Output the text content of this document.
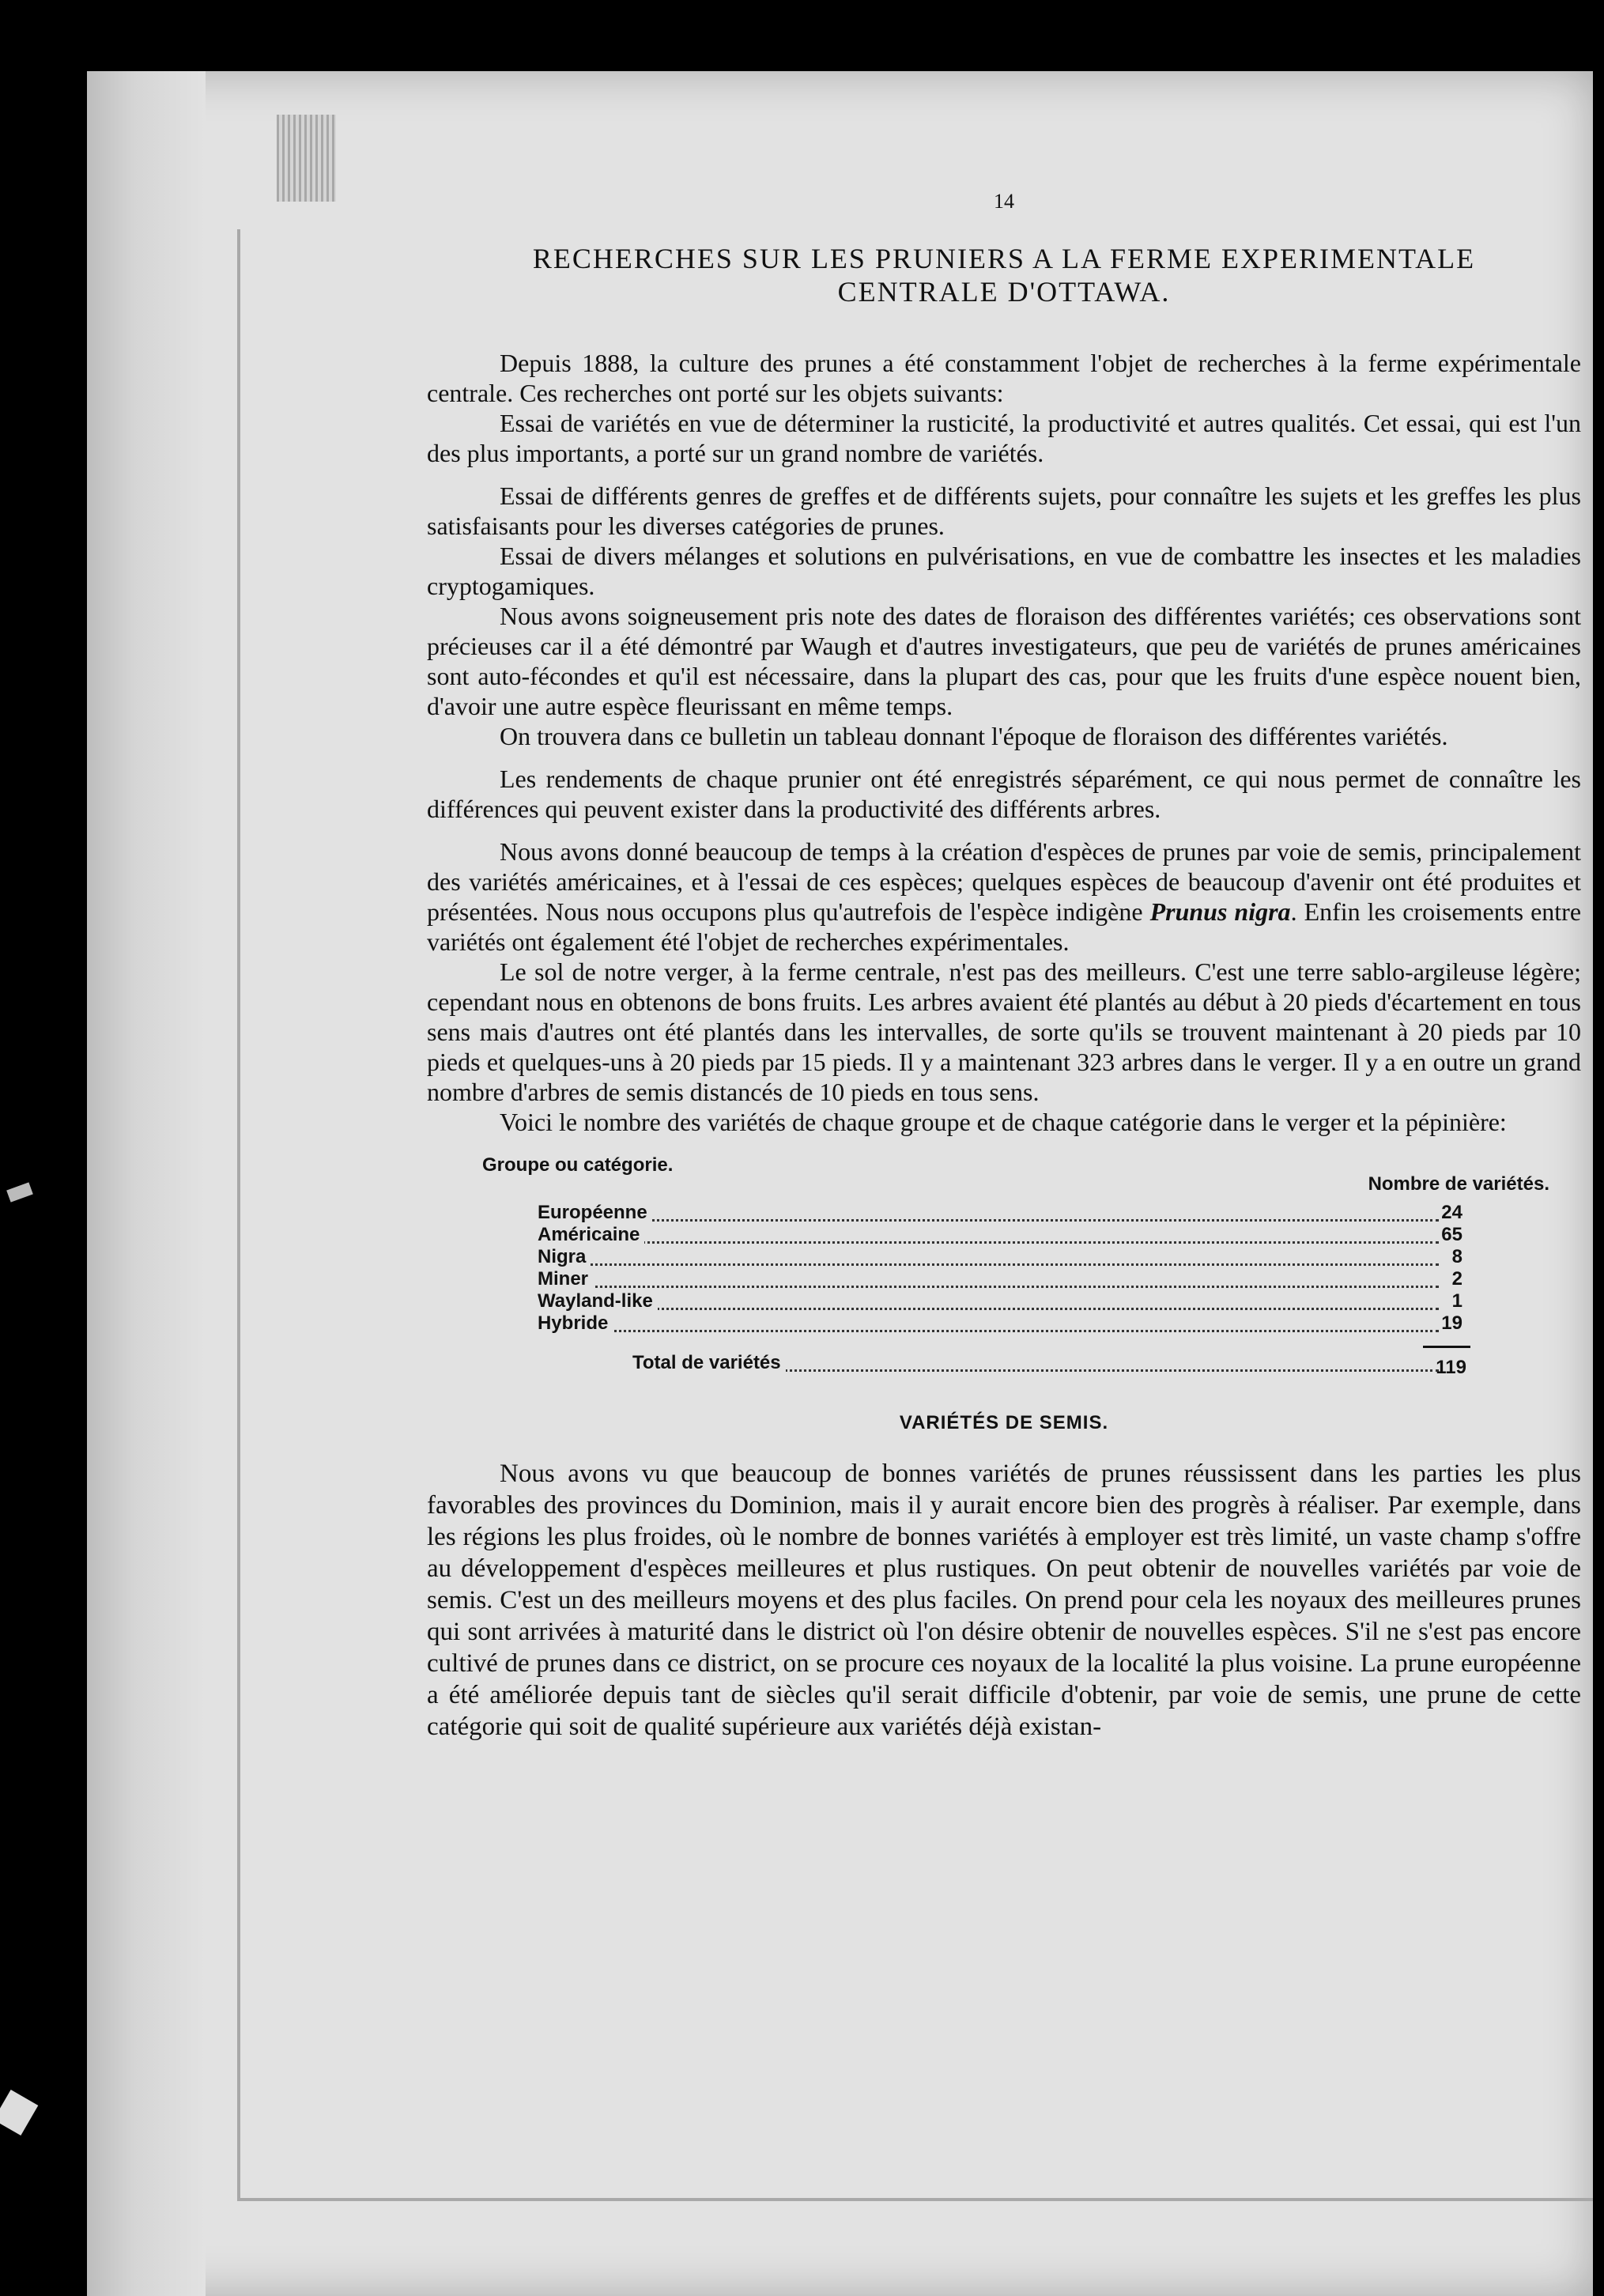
14
RECHERCHES SUR LES PRUNIERS A LA FERME EXPERIMENTALE
CENTRALE D'OTTAWA.

Depuis 1888, la culture des prunes a été constamment l'objet de recherches à la ferme expérimentale centrale. Ces recherches ont porté sur les objets suivants:

Essai de variétés en vue de déterminer la rusticité, la productivité et autres qualités. Cet essai, qui est l'un des plus importants, a porté sur un grand nombre de variétés.

Essai de différents genres de greffes et de différents sujets, pour connaître les sujets et les greffes les plus satisfaisants pour les diverses catégories de prunes.

Essai de divers mélanges et solutions en pulvérisations, en vue de combattre les insectes et les maladies cryptogamiques.

Nous avons soigneusement pris note des dates de floraison des différentes variétés; ces observations sont précieuses car il a été démontré par Waugh et d'autres investigateurs, que peu de variétés de prunes américaines sont auto-fécondes et qu'il est nécessaire, dans la plupart des cas, pour que les fruits d'une espèce nouent bien, d'avoir une autre espèce fleurissant en même temps.

On trouvera dans ce bulletin un tableau donnant l'époque de floraison des différentes variétés.

Les rendements de chaque prunier ont été enregistrés séparément, ce qui nous permet de connaître les différences qui peuvent exister dans la productivité des différents arbres.

Nous avons donné beaucoup de temps à la création d'espèces de prunes par voie de semis, principalement des variétés américaines, et à l'essai de ces espèces; quelques espèces de beaucoup d'avenir ont été produites et présentées. Nous nous occupons plus qu'autrefois de l'espèce indigène Prunus nigra. Enfin les croisements entre variétés ont également été l'objet de recherches expérimentales.

Le sol de notre verger, à la ferme centrale, n'est pas des meilleurs. C'est une terre sablo-argileuse légère; cependant nous en obtenons de bons fruits. Les arbres avaient été plantés au début à 20 pieds d'écartement en tous sens mais d'autres ont été plantés dans les intervalles, de sorte qu'ils se trouvent maintenant à 20 pieds par 10 pieds et quelques-uns à 20 pieds par 15 pieds. Il y a maintenant 323 arbres dans le verger. Il y a en outre un grand nombre d'arbres de semis distancés de 10 pieds en tous sens.

Voici le nombre des variétés de chaque groupe et de chaque catégorie dans le verger et la pépinière:

Groupe ou catégorie.
Nombre de variétés.
Européenne	24
Américaine	65
Nigra	8
Miner	2
Wayland-like	1
Hybride	19
Total de variétés	119
VARIÉTÉS DE SEMIS.

Nous avons vu que beaucoup de bonnes variétés de prunes réussissent dans les parties les plus favorables des provinces du Dominion, mais il y aurait encore bien des progrès à réaliser. Par exemple, dans les régions les plus froides, où le nombre de bonnes variétés à employer est très limité, un vaste champ s'offre au développement d'espèces meilleures et plus rustiques. On peut obtenir de nouvelles variétés par voie de semis. C'est un des meilleurs moyens et des plus faciles. On prend pour cela les noyaux des meilleures prunes qui sont arrivées à maturité dans le district où l'on désire obtenir de nouvelles espèces. S'il ne s'est pas encore cultivé de prunes dans ce district, on se procure ces noyaux de la localité la plus voisine. La prune européenne a été améliorée depuis tant de siècles qu'il serait difficile d'obtenir, par voie de semis, une prune de cette catégorie qui soit de qualité supérieure aux variétés déjà existan-
